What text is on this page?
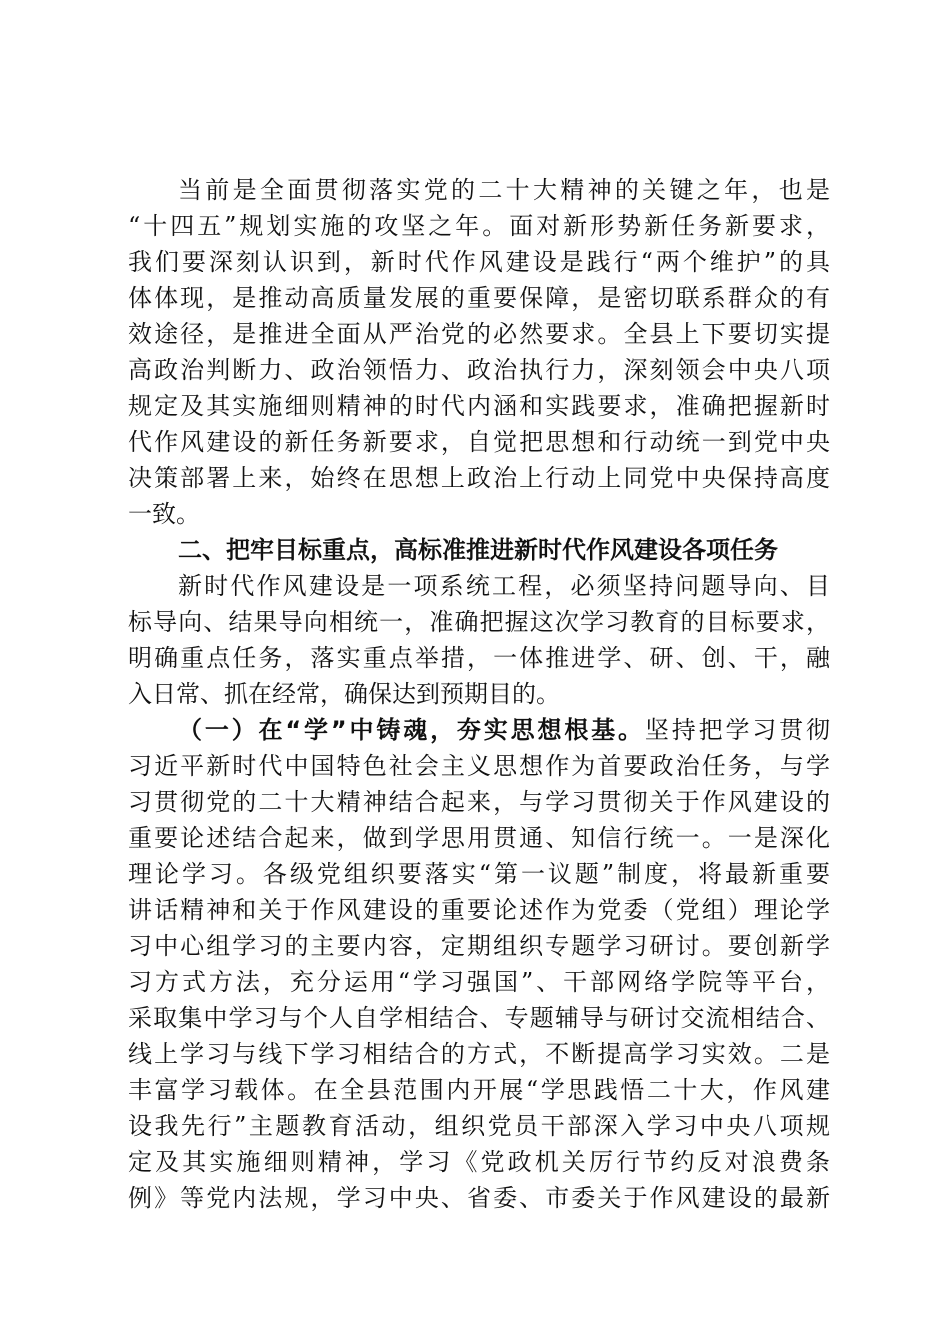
当前是全面贯彻落实党的二十大精神的关键之年，也是
“十四五”规划实施的攻坚之年。面对新形势新任务新要求，
我们要深刻认识到，新时代作风建设是践行“两个维护”的具
体体现，是推动高质量发展的重要保障，是密切联系群众的有
效途径，是推进全面从严治党的必然要求。全县上下要切实提
高政治判断力、政治领悟力、政治执行力，深刻领会中央八项
规定及其实施细则精神的时代内涵和实践要求，准确把握新时
代作风建设的新任务新要求，自觉把思想和行动统一到党中央
决策部署上来，始终在思想上政治上行动上同党中央保持高度
一致。
二、把牢目标重点，高标准推进新时代作风建设各项任务
新时代作风建设是一项系统工程，必须坚持问题导向、目
标导向、结果导向相统一，准确把握这次学习教育的目标要求，
明确重点任务，落实重点举措，一体推进学、研、创、干，融
入日常、抓在经常，确保达到预期目的。
（一）在“学”中铸魂，夯实思想根基。坚持把学习贯彻
习近平新时代中国特色社会主义思想作为首要政治任务，与学
习贯彻党的二十大精神结合起来，与学习贯彻关于作风建设的
重要论述结合起来，做到学思用贯通、知信行统一。一是深化
理论学习。各级党组织要落实“第一议题”制度，将最新重要
讲话精神和关于作风建设的重要论述作为党委（党组）理论学
习中心组学习的主要内容，定期组织专题学习研讨。要创新学
习方式方法，充分运用“学习强国”、干部网络学院等平台，
采取集中学习与个人自学相结合、专题辅导与研讨交流相结合、
线上学习与线下学习相结合的方式，不断提高学习实效。二是
丰富学习载体。在全县范围内开展“学思践悟二十大，作风建
设我先行”主题教育活动，组织党员干部深入学习中央八项规
定及其实施细则精神，学习《党政机关厉行节约反对浪费条
例》等党内法规，学习中央、省委、市委关于作风建设的最新
